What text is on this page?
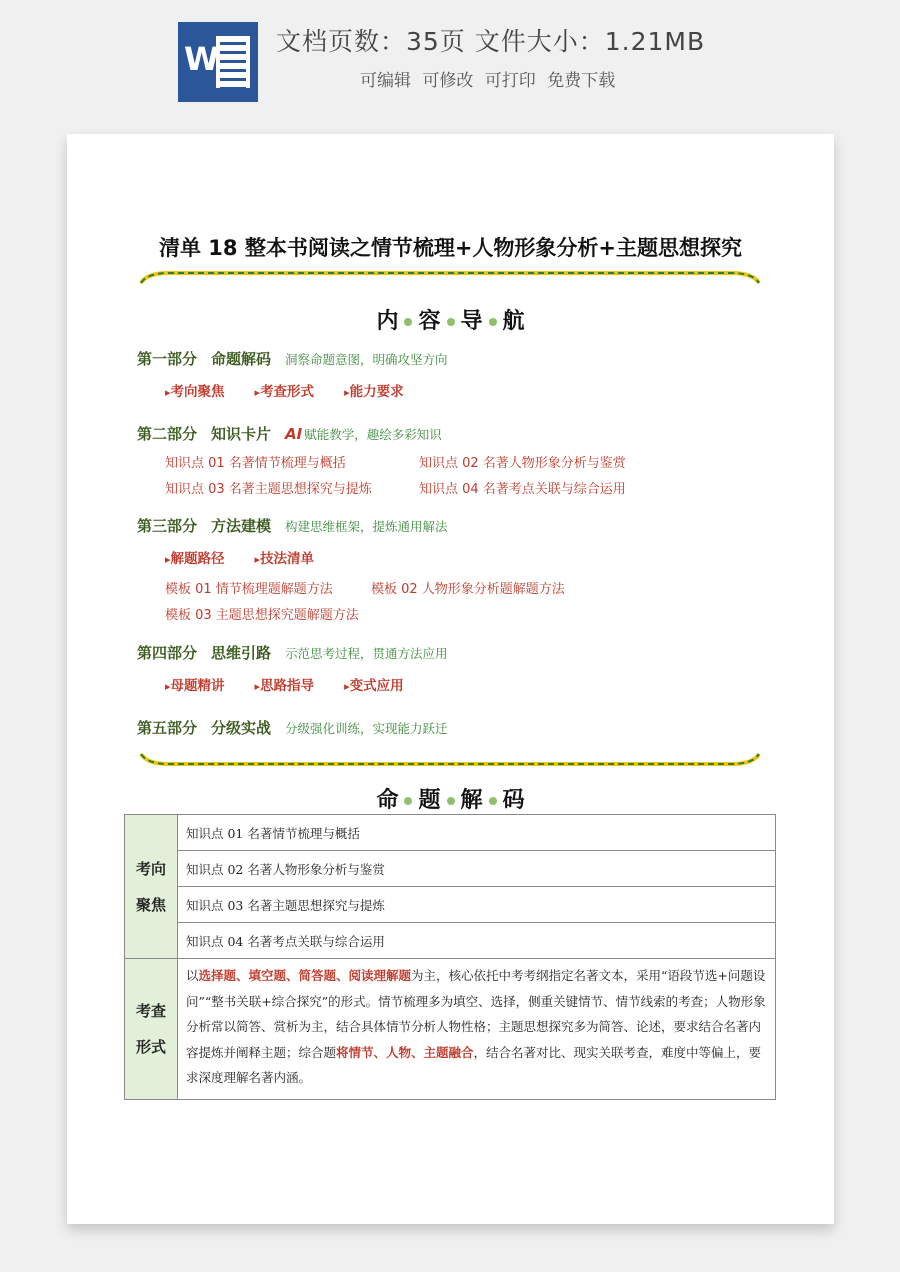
W 文档页数：35页 文件大小：1.21MB
可编辑 可修改 可打印 免费下载
清单 18 整本书阅读之情节梳理+人物形象分析+主题思想探究
内 容 导 航
第一部分 命题解码 洞察命题意图，明确攻坚方向
▸ 考向聚焦	▸ 考查形式	▸ 能力要求
第二部分 知识卡片 AI 赋能教学，趣绘多彩知识
知识点 01 名著情节梳理与概括	知识点 02 名著人物形象分析与鉴赏
知识点 03 名著主题思想探究与提炼	知识点 04 名著考点关联与综合运用
第三部分 方法建模 构建思维框架，提炼通用解法
▸ 解题路径	▸ 技法清单
模板 01 情节梳理题解题方法	模板 02 人物形象分析题解题方法
模板 03 主题思想探究题解题方法
第四部分 思维引路 示范思考过程，贯通方法应用
▸ 母题精讲	▸ 思路指导	▸ 变式应用
第五部分 分级实战 分级强化训练，实现能力跃迁
命 题 解 码
考向聚焦	知识点 01 名著情节梳理与概括
	知识点 02 名著人物形象分析与鉴赏
	知识点 03 名著主题思想探究与提炼
	知识点 04 名著考点关联与综合运用

考查形式	以选择题、填空题、简答题、阅读理解题为主，核心依托中考考纲指定名著文本，采用“语段节选+问题设问”“整书关联+综合探究”的形式。情节梳理多为填空、选择，侧重关键情节、情节线索的考查；人物形象分析常以简答、赏析为主，结合具体情节分析人物性格；主题思想探究多为简答、论述，要求结合名著内容提炼并阐释主题；综合题将情节、人物、主题融合，结合名著对比、现实关联考查，难度中等偏上，要求深度理解名著内涵。
